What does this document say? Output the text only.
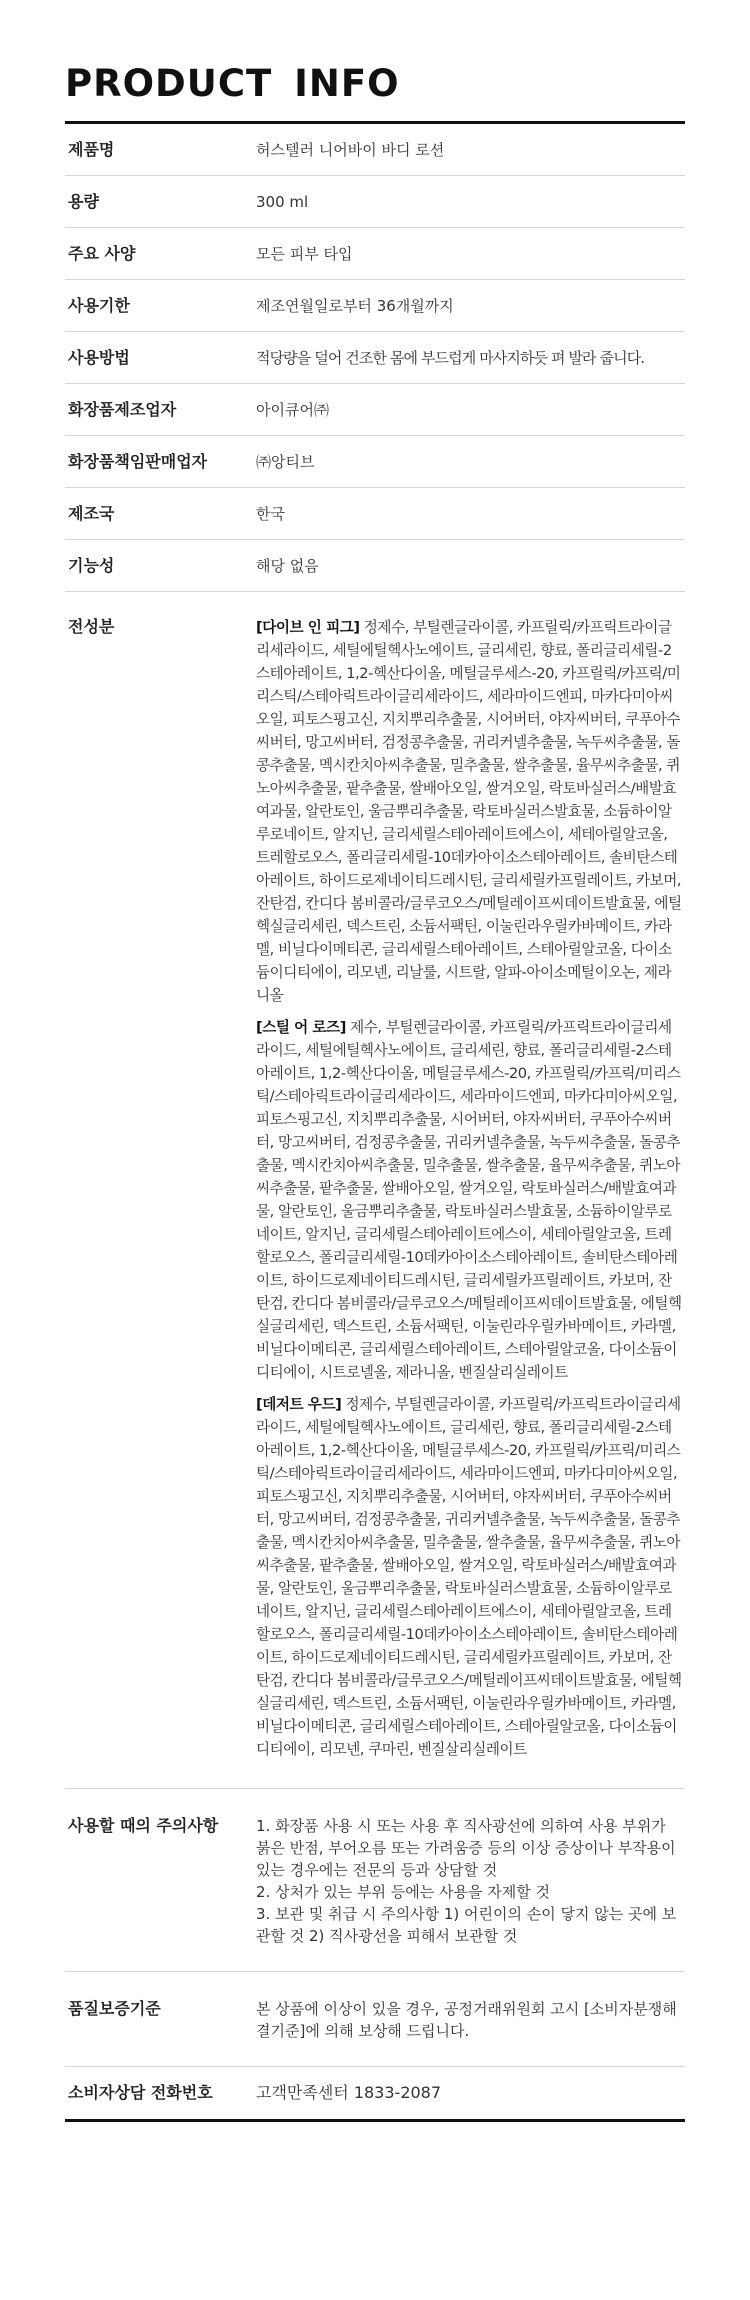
PRODUCT INFO
제품명	허스텔러 니어바이 바디 로션
용량	300 ml
주요 사양	모든 피부 타입
사용기한	제조연월일로부터 36개월까지
사용방법	적당량을 덜어 건조한 몸에 부드럽게 마사지하듯 펴 발라 줍니다.
화장품제조업자	아이큐어㈜
화장품책임판매업자	㈜앙티브
제조국	한국
기능성	해당 없음
전성분	[다이브 인 피그] 정제수, 부틸렌글라이콜, 카프릴릭/카프릭트라이글리세라이드, 세틸에틸헥사노에이트, 글리세린, 향료, 폴리글리세릴-2스테아레이트, 1,2-헥산다이올, 메틸글루세스-20, 카프릴릭/카프릭/미리스틱/스테아릭트라이글리세라이드, 세라마이드엔피, 마카다미아씨오일, 피토스핑고신, 지치뿌리추출물, 시어버터, 야자씨버터, 쿠푸아수씨버터, 망고씨버터, 검정콩추출물, 귀리커넬추출물, 녹두씨추출물, 돌콩추출물, 멕시칸치아씨추출물, 밀추출물, 쌀추출물, 율무씨추출물, 퀴노아씨추출물, 팥추출물, 쌀배아오일, 쌀겨오일, 락토바실러스/배발효여과물, 알란토인, 울금뿌리추출물, 락토바실러스발효물, 소듐하이알루로네이트, 알지닌, 글리세릴스테아레이트에스이, 세테아릴알코올, 트레할로오스, 폴리글리세릴-10데카아이소스테아레이트, 솔비탄스테아레이트, 하이드로제네이티드레시틴, 글리세릴카프릴레이트, 카보머, 잔탄검, 칸디다 봄비콜라/글루코오스/메틸레이프씨데이트발효물, 에틸헥실글리세린, 덱스트린, 소듐서팩틴, 이눌린라우릴카바메이트, 카라멜, 비닐다이메티콘, 글리세릴스테아레이트, 스테아릴알코올, 다이소듐이디티에이, 리모넨, 리날룰, 시트랄, 알파-아이소메틸이오논, 제라니올
[스틸 어 로즈] 제수, 부틸렌글라이콜, 카프릴릭/카프릭트라이글리세라이드, 세틸에틸헥사노에이트, 글리세린, 향료, 폴리글리세릴-2스테아레이트, 1,2-헥산다이올, 메틸글루세스-20, 카프릴릭/카프릭/미리스틱/스테아릭트라이글리세라이드, 세라마이드엔피, 마카다미아씨오일, 피토스핑고신, 지치뿌리추출물, 시어버터, 야자씨버터, 쿠푸아수씨버터, 망고씨버터, 검정콩추출물, 귀리커넬추출물, 녹두씨추출물, 돌콩추출물, 멕시칸치아씨추출물, 밀추출물, 쌀추출물, 율무씨추출물, 퀴노아씨추출물, 팥추출물, 쌀배아오일, 쌀겨오일, 락토바실러스/배발효여과물, 알란토인, 울금뿌리추출물, 락토바실러스발효물, 소듐하이알루로네이트, 알지닌, 글리세릴스테아레이트에스이, 세테아릴알코올, 트레할로오스, 폴리글리세릴-10데카아이소스테아레이트, 솔비탄스테아레이트, 하이드로제네이티드레시틴, 글리세릴카프릴레이트, 카보머, 잔탄검, 칸디다 봄비콜라/글루코오스/메틸레이프씨데이트발효물, 에틸헥실글리세린, 덱스트린, 소듐서팩틴, 이눌린라우릴카바메이트, 카라멜, 비닐다이메티콘, 글리세릴스테아레이트, 스테아릴알코올, 다이소듐이디티에이, 시트로넬올, 제라니올, 벤질살리실레이트
[데저트 우드] 정제수, 부틸렌글라이콜, 카프릴릭/카프릭트라이글리세라이드, 세틸에틸헥사노에이트, 글리세린, 향료, 폴리글리세릴-2스테아레이트, 1,2-헥산다이올, 메틸글루세스-20, 카프릴릭/카프릭/미리스틱/스테아릭트라이글리세라이드, 세라마이드엔피, 마카다미아씨오일, 피토스핑고신, 지치뿌리추출물, 시어버터, 야자씨버터, 쿠푸아수씨버터, 망고씨버터, 검정콩추출물, 귀리커넬추출물, 녹두씨추출물, 돌콩추출물, 멕시칸치아씨추출물, 밀추출물, 쌀추출물, 율무씨추출물, 퀴노아씨추출물, 팥추출물, 쌀배아오일, 쌀겨오일, 락토바실러스/배발효여과물, 알란토인, 울금뿌리추출물, 락토바실러스발효물, 소듐하이알루로네이트, 알지닌, 글리세릴스테아레이트에스이, 세테아릴알코올, 트레할로오스, 폴리글리세릴-10데카아이소스테아레이트, 솔비탄스테아레이트, 하이드로제네이티드레시틴, 글리세릴카프릴레이트, 카보머, 잔탄검, 칸디다 봄비콜라/글루코오스/메틸레이프씨데이트발효물, 에틸헥실글리세린, 덱스트린, 소듐서팩틴, 이눌린라우릴카바메이트, 카라멜, 비닐다이메티콘, 글리세릴스테아레이트, 스테아릴알코올, 다이소듐이디티에이, 리모넨, 쿠마린, 벤질살리실레이트
사용할 때의 주의사항	1. 화장품 사용 시 또는 사용 후 직사광선에 의하여 사용 부위가 붉은 반점, 부어오름 또는 가려움증 등의 이상 증상이나 부작용이 있는 경우에는 전문의 등과 상담할 것
2. 상처가 있는 부위 등에는 사용을 자제할 것
3. 보관 및 취급 시 주의사항 1) 어린이의 손이 닿지 않는 곳에 보관할 것 2) 직사광선을 피해서 보관할 것
품질보증기준	본 상품에 이상이 있을 경우, 공정거래위원회 고시 [소비자분쟁해결기준]에 의해 보상해 드립니다.
소비자상담 전화번호	고객만족센터 1833-2087
